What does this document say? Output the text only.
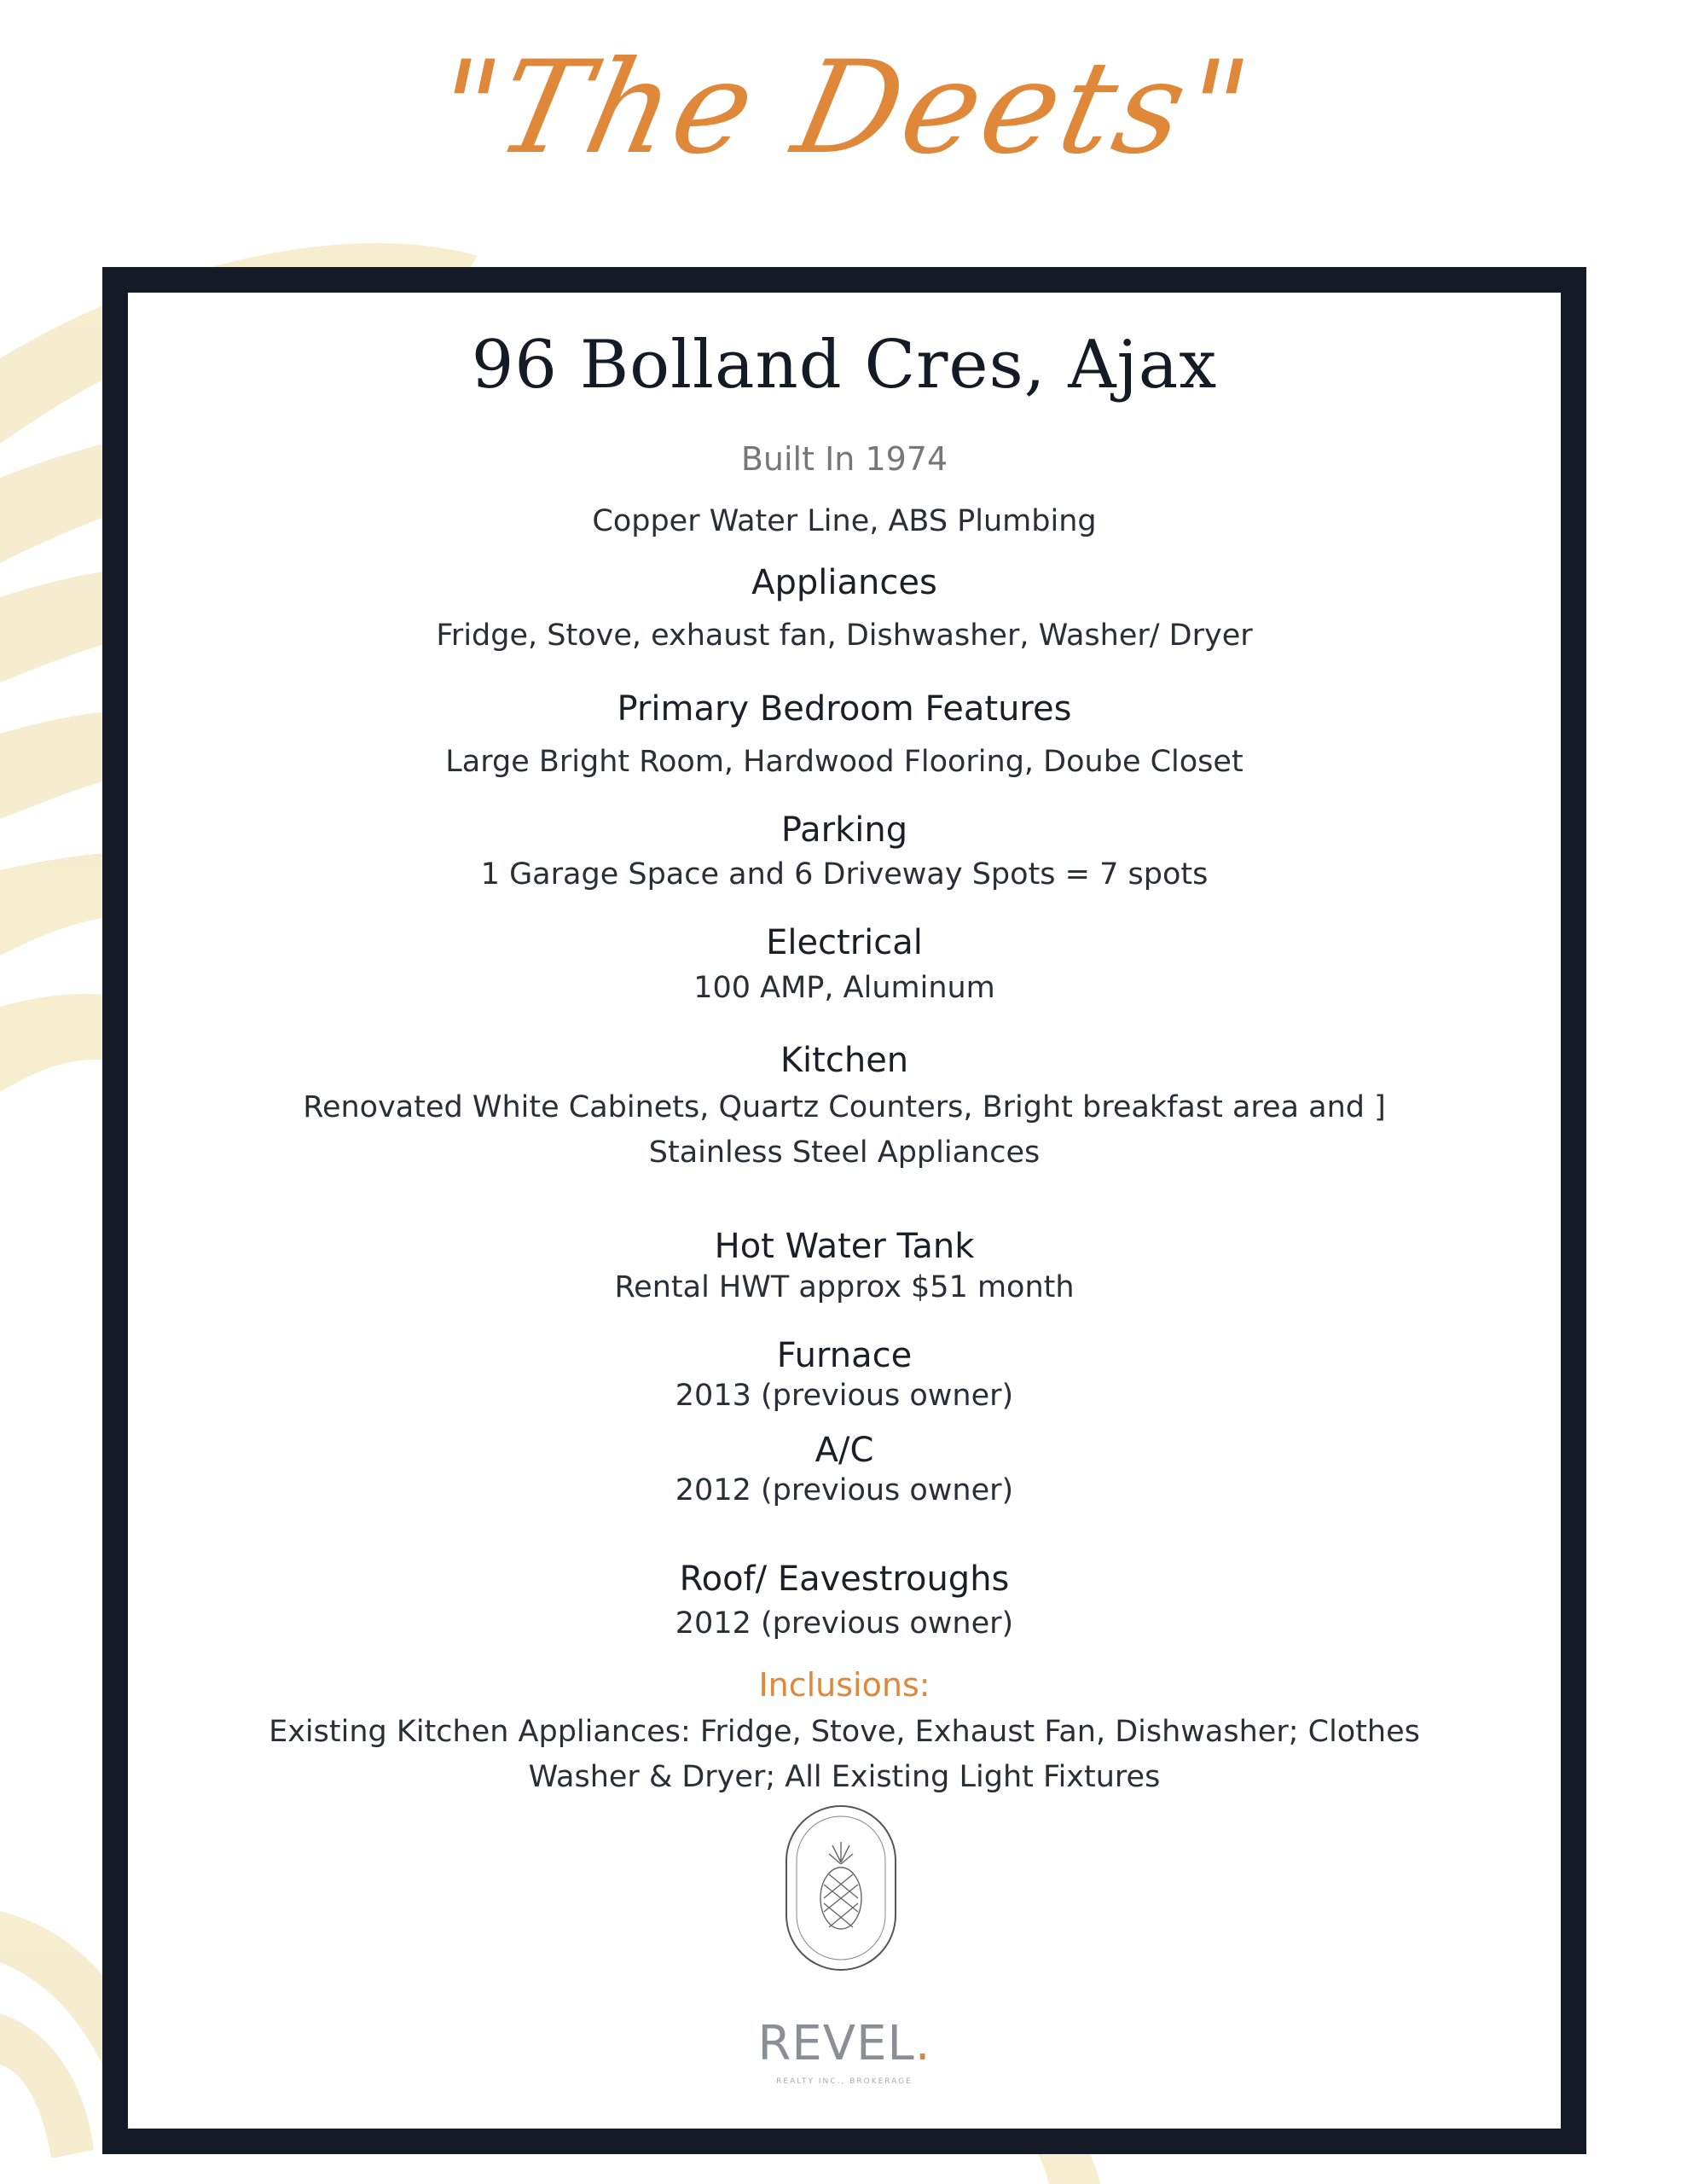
"The Deets"
96 Bolland Cres, Ajax
Built In 1974
Copper Water Line, ABS Plumbing
Appliances
Fridge, Stove, exhaust fan, Dishwasher, Washer/ Dryer
Primary Bedroom Features
Large Bright Room, Hardwood Flooring, Doube Closet
Parking
1 Garage Space and 6 Driveway Spots = 7 spots
Electrical
100 AMP, Aluminum
Kitchen
Renovated White Cabinets, Quartz Counters, Bright breakfast area and ]
Stainless Steel Appliances
Hot Water Tank
Rental HWT approx $51 month
Furnace
2013 (previous owner)
A/C
2012 (previous owner)
Roof/ Eavestroughs
2012 (previous owner)
Inclusions:
Existing Kitchen Appliances: Fridge, Stove, Exhaust Fan, Dishwasher; Clothes
Washer & Dryer; All Existing Light Fixtures
REVEL.
REALTY INC., BROKERAGE
